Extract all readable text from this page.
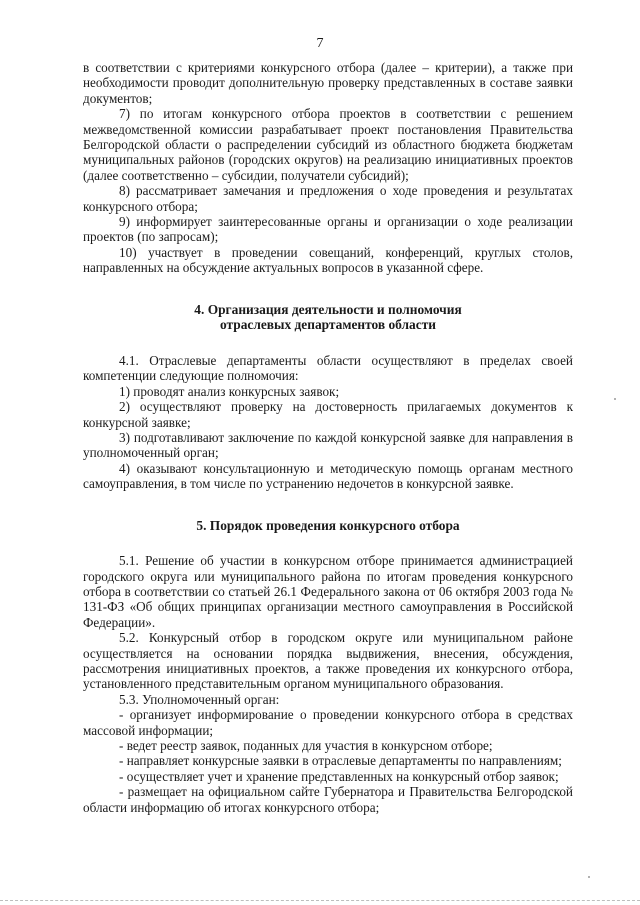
7

в соответствии с критериями конкурсного отбора (далее – критерии), а также при необходимости проводит дополнительную проверку представленных в составе заявки документов;

7) по итогам конкурсного отбора проектов в соответствии с решением межведомственной комиссии разрабатывает проект постановления Правительства Белгородской области о распределении субсидий из областного бюджета бюджетам муниципальных районов (городских округов) на реализацию инициативных проектов (далее соответственно – субсидии, получатели субсидий);

8) рассматривает замечания и предложения о ходе проведения и результатах конкурсного отбора;

9) информирует заинтересованные органы и организации о ходе реализации проектов (по запросам);

10) участвует в проведении совещаний, конференций, круглых столов, направленных на обсуждение актуальных вопросов в указанной сфере.

4. Организация деятельности и полномочия
отраслевых департаментов области

4.1. Отраслевые департаменты области осуществляют в пределах своей компетенции следующие полномочия:

1) проводят анализ конкурсных заявок;

2) осуществляют проверку на достоверность прилагаемых документов к конкурсной заявке;

3) подготавливают заключение по каждой конкурсной заявке для направления в уполномоченный орган;

4) оказывают консультационную и методическую помощь органам местного самоуправления, в том числе по устранению недочетов в конкурсной заявке.

5. Порядок проведения конкурсного отбора

5.1. Решение об участии в конкурсном отборе принимается администрацией городского округа или муниципального района по итогам проведения конкурсного отбора в соответствии со статьей 26.1 Федерального закона от 06 октября 2003 года № 131-ФЗ «Об общих принципах организации местного самоуправления в Российской Федерации».

5.2. Конкурсный отбор в городском округе или муниципальном районе осуществляется на основании порядка выдвижения, внесения, обсуждения, рассмотрения инициативных проектов, а также проведения их конкурсного отбора, установленного представительным органом муниципального образования.

5.3. Уполномоченный орган:

- организует информирование о проведении конкурсного отбора в средствах массовой информации;

- ведет реестр заявок, поданных для участия в конкурсном отборе;

- направляет конкурсные заявки в отраслевые департаменты по направлениям;

- осуществляет учет и хранение представленных на конкурсный отбор заявок;

- размещает на официальном сайте Губернатора и Правительства Белгородской области информацию об итогах конкурсного отбора;
